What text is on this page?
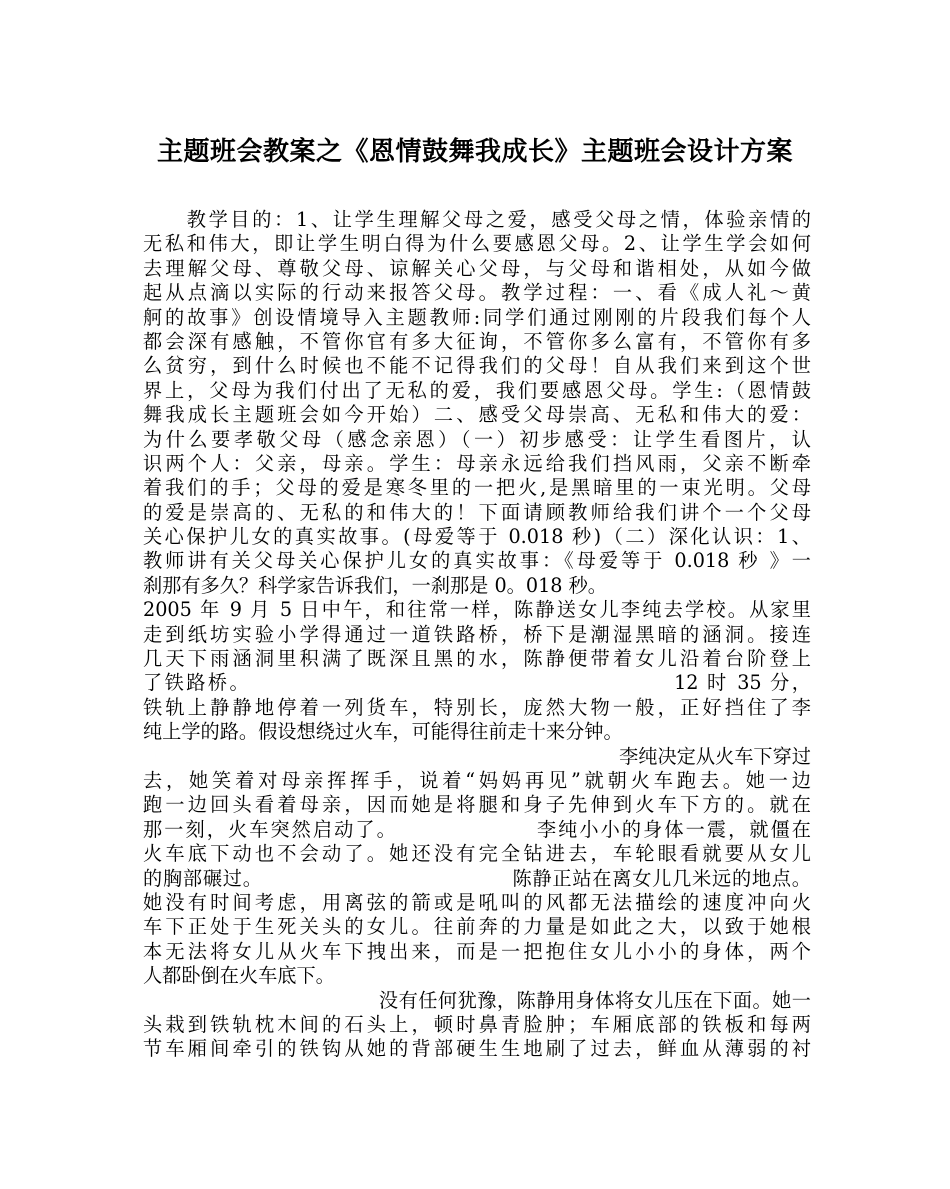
主题班会教案之《恩情鼓舞我成长》主题班会设计方案
　　教学目的：1、让学生理解父母之爱，感受父母之情，体验亲情的
无私和伟大，即让学生明白得为什么要感恩父母。2、让学生学会如何
去理解父母、尊敬父母、谅解关心父母，与父母和谐相处，从如今做
起从点滴以实际的行动来报答父母。教学过程：一、看《成人礼～黄
舸的故事》创设情境导入主题教师:同学们通过刚刚的片段我们每个人
都会深有感触，不管你官有多大征询，不管你多么富有，不管你有多
么贫穷，到什么时候也不能不记得我们的父母！自从我们来到这个世
界上，父母为我们付出了无私的爱，我们要感恩父母。学生:（恩情鼓
舞我成长主题班会如今开始）二、感受父母崇高、无私和伟大的爱：
为什么要孝敬父母（感念亲恩）（一）初步感受：让学生看图片，认
识两个人：父亲，母亲。学生：母亲永远给我们挡风雨，父亲不断牵
着我们的手；父母的爱是寒冬里的一把火,是黑暗里的一束光明。父母
的爱是崇高的、无私的和伟大的！下面请顾教师给我们讲个一个父母
关心保护儿女的真实故事。(母爱等于 0.018 秒)（二）深化认识：1、
教师讲有关父母关心保护儿女的真实故事：《母爱等于 0.018 秒 》一
刹那有多久？科学家告诉我们，一刹那是 0。018 秒。
2005 年 9 月 5 日中午，和往常一样，陈静送女儿李纯去学校。从家里
走到纸坊实验小学得通过一道铁路桥，桥下是潮湿黑暗的涵洞。接连
几天下雨涵洞里积满了既深且黑的水，陈静便带着女儿沿着台阶登上
了铁路桥。　　　　　　　　　　　　　　　　　　　　12 时 35 分，
铁轨上静静地停着一列货车，特别长，庞然大物一般，正好挡住了李
纯上学的路。假设想绕过火车，可能得往前走十来分钟。
　　　　　　　　　　　　　　　　　　　　　　李纯决定从火车下穿过
去，她笑着对母亲挥挥手，说着“妈妈再见”就朝火车跑去。她一边
跑一边回头看着母亲，因而她是将腿和身子先伸到火车下方的。就在
那一刻，火车突然启动了。　　　　　　　李纯小小的身体一震，就僵在
火车底下动也不会动了。她还没有完全钻进去，车轮眼看就要从女儿
的胸部碾过。　　　　　　　　　　　　　陈静正站在离女儿几米远的地点。
她没有时间考虑，用离弦的箭或是吼叫的风都无法描绘的速度冲向火
车下正处于生死关头的女儿。往前奔的力量是如此之大，以致于她根
本无法将女儿从火车下拽出来，而是一把抱住女儿小小的身体，两个
人都卧倒在火车底下。
　　　　　　　　　　　　没有任何犹豫，陈静用身体将女儿压在下面。她一
头栽到铁轨枕木间的石头上，顿时鼻青脸肿；车厢底部的铁板和每两
节车厢间牵引的铁钩从她的背部硬生生地刷了过去，鲜血从薄弱的衬
